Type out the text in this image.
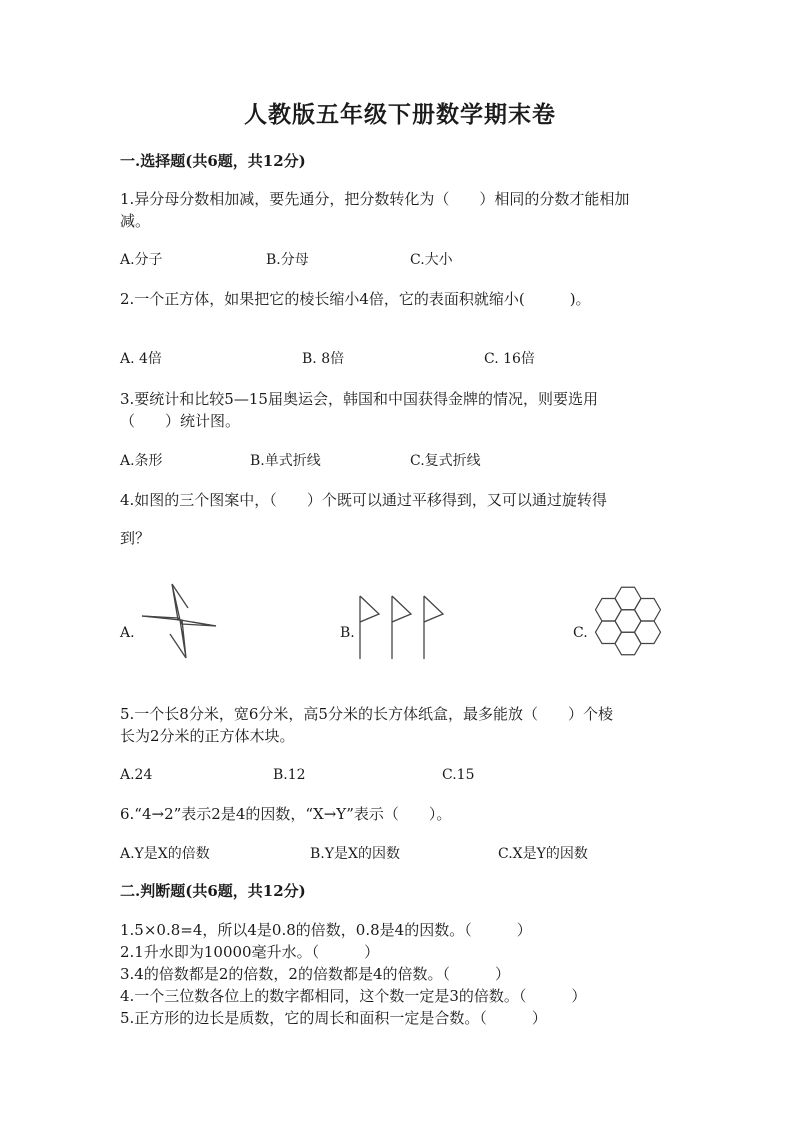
人教版五年级下册数学期末卷
一.选择题(共6题，共12分)
1.异分母分数相加减，要先通分，把分数转化为（　　）相同的分数才能相加
减。
A.分子	B.分母	C.大小
2.一个正方体，如果把它的棱长缩小4倍，它的表面积就缩小(　　　)。
A. 4倍	B. 8倍	C. 16倍
3.要统计和比较5—15届奥运会，韩国和中国获得金牌的情况，则要选用
（　　）统计图。
A.条形	B.单式折线	C.复式折线
4.如图的三个图案中，（　　）个既可以通过平移得到，又可以通过旋转得
到？
A.	B.	C.
5.一个长8分米，宽6分米，高5分米的长方体纸盒，最多能放（　　）个棱
长为2分米的正方体木块。
A.24	B.12	C.15
6.“4→2”表示2是4的因数，“X→Y”表示（　　）。
A.Y是X的倍数	B.Y是X的因数	C.X是Y的因数
二.判断题(共6题，共12分)
1.5×0.8=4，所以4是0.8的倍数，0.8是4的因数。（　　　）
2.1升水即为10000毫升水。（　　　）
3.4的倍数都是2的倍数，2的倍数都是4的倍数。（　　　）
4.一个三位数各位上的数字都相同，这个数一定是3的倍数。（　　　）
5.正方形的边长是质数，它的周长和面积一定是合数。（　　　）
